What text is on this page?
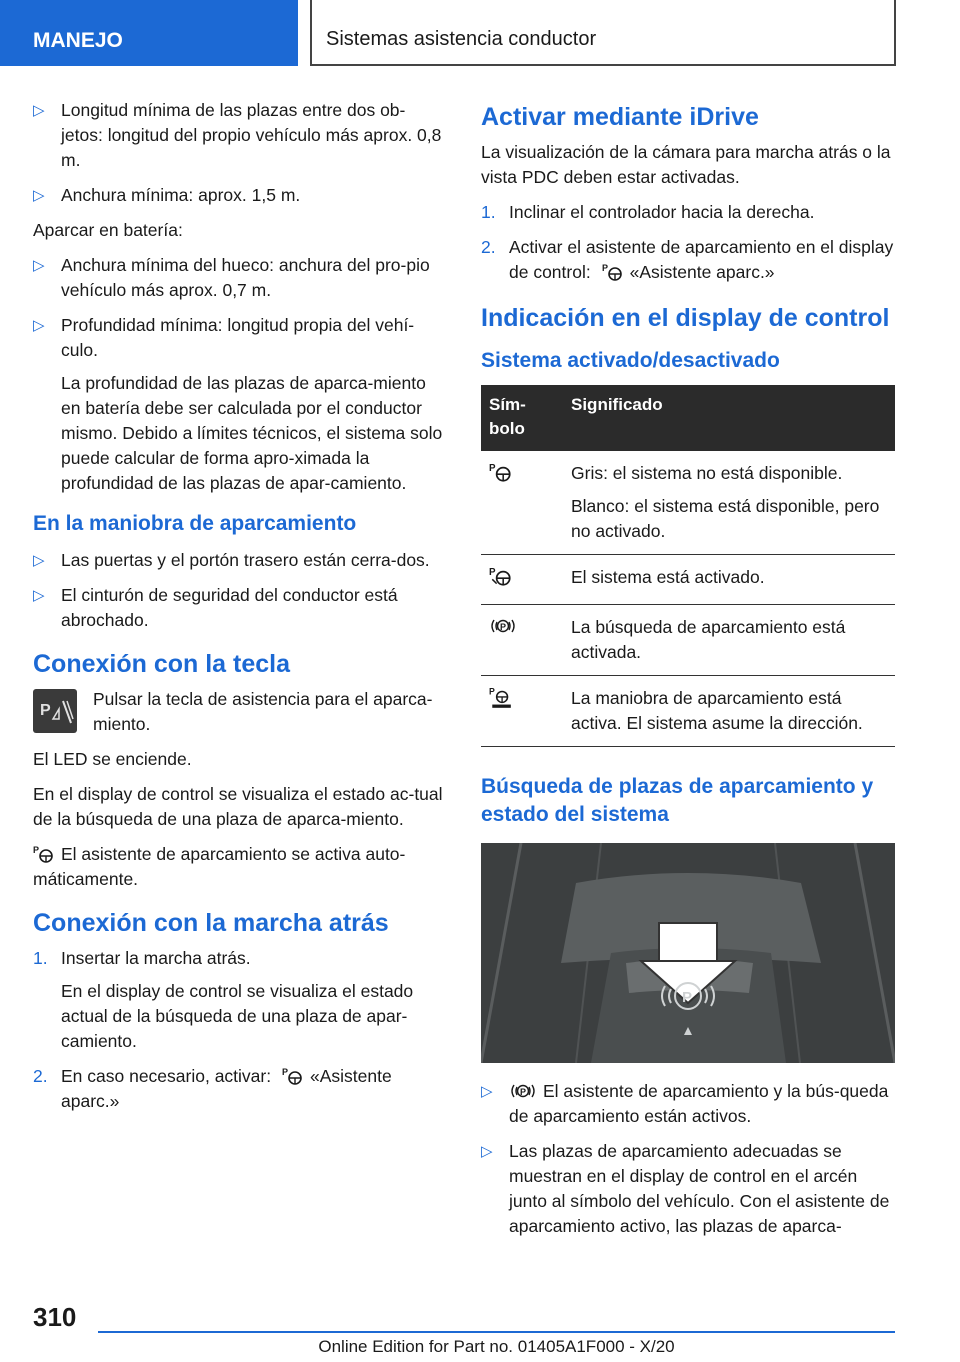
MANEJO	Sistemas asistencia conductor
▷ Longitud mínima de las plazas entre dos ob-jetos: longitud del propio vehículo más aprox. 0,8 m.
▷ Anchura mínima: aprox. 1,5 m.

Aparcar en batería:

▷ Anchura mínima del hueco: anchura del pro-pio vehículo más aprox. 0,7 m.
▷ Profundidad mínima: longitud propia del vehí-culo.
La profundidad de las plazas de aparca-miento en batería debe ser calculada por el conductor mismo. Debido a límites técnicos, el sistema solo puede calcular de forma apro-ximada la profundidad de las plazas de apar-camiento.
En la maniobra de aparcamiento
▷ Las puertas y el portón trasero están cerra-dos.
▷ El cinturón de seguridad del conductor está abrochado.
Conexión con la tecla
P
Pulsar la tecla de asistencia para el aparca-miento.

El LED se enciende.

En el display de control se visualiza el estado ac-tual de la búsqueda de una plaza de aparca-miento.

P El asistente de aparcamiento se activa auto-máticamente.

Conexión con la marcha atrás
1. Insertar la marcha atrás.
En el display de control se visualiza el estado actual de la búsqueda de una plaza de apar-camiento.
2. En caso necesario, activar: P «Asistente aparc.»
Activar mediante iDrive

La visualización de la cámara para marcha atrás o la vista PDC deben estar activadas.

1. Inclinar el controlador hacia la derecha.
2. Activar el asistente de aparcamiento en el display de control: P «Asistente aparc.»
Indicación en el display de control
Sistema activado/desactivado
Sím-bolo	Significado

P	Gris: el sistema no está disponible.

Blanco: el sistema está disponible, pero no activado.

P	El sistema está activado.

P	La búsqueda de aparcamiento está activada.

P	La maniobra de aparcamiento está activa. El sistema asume la dirección.

Búsqueda de plazas de aparcamiento y estado del sistema
P
▷	P El asistente de aparcamiento y la bús-queda de aparcamiento están activos.
▷ Las plazas de aparcamiento adecuadas se muestran en el display de control en el arcén junto al símbolo del vehículo. Con el asistente de aparcamiento activo, las plazas de aparca-
310
Online Edition for Part no. 01405A1F000 - X/20
